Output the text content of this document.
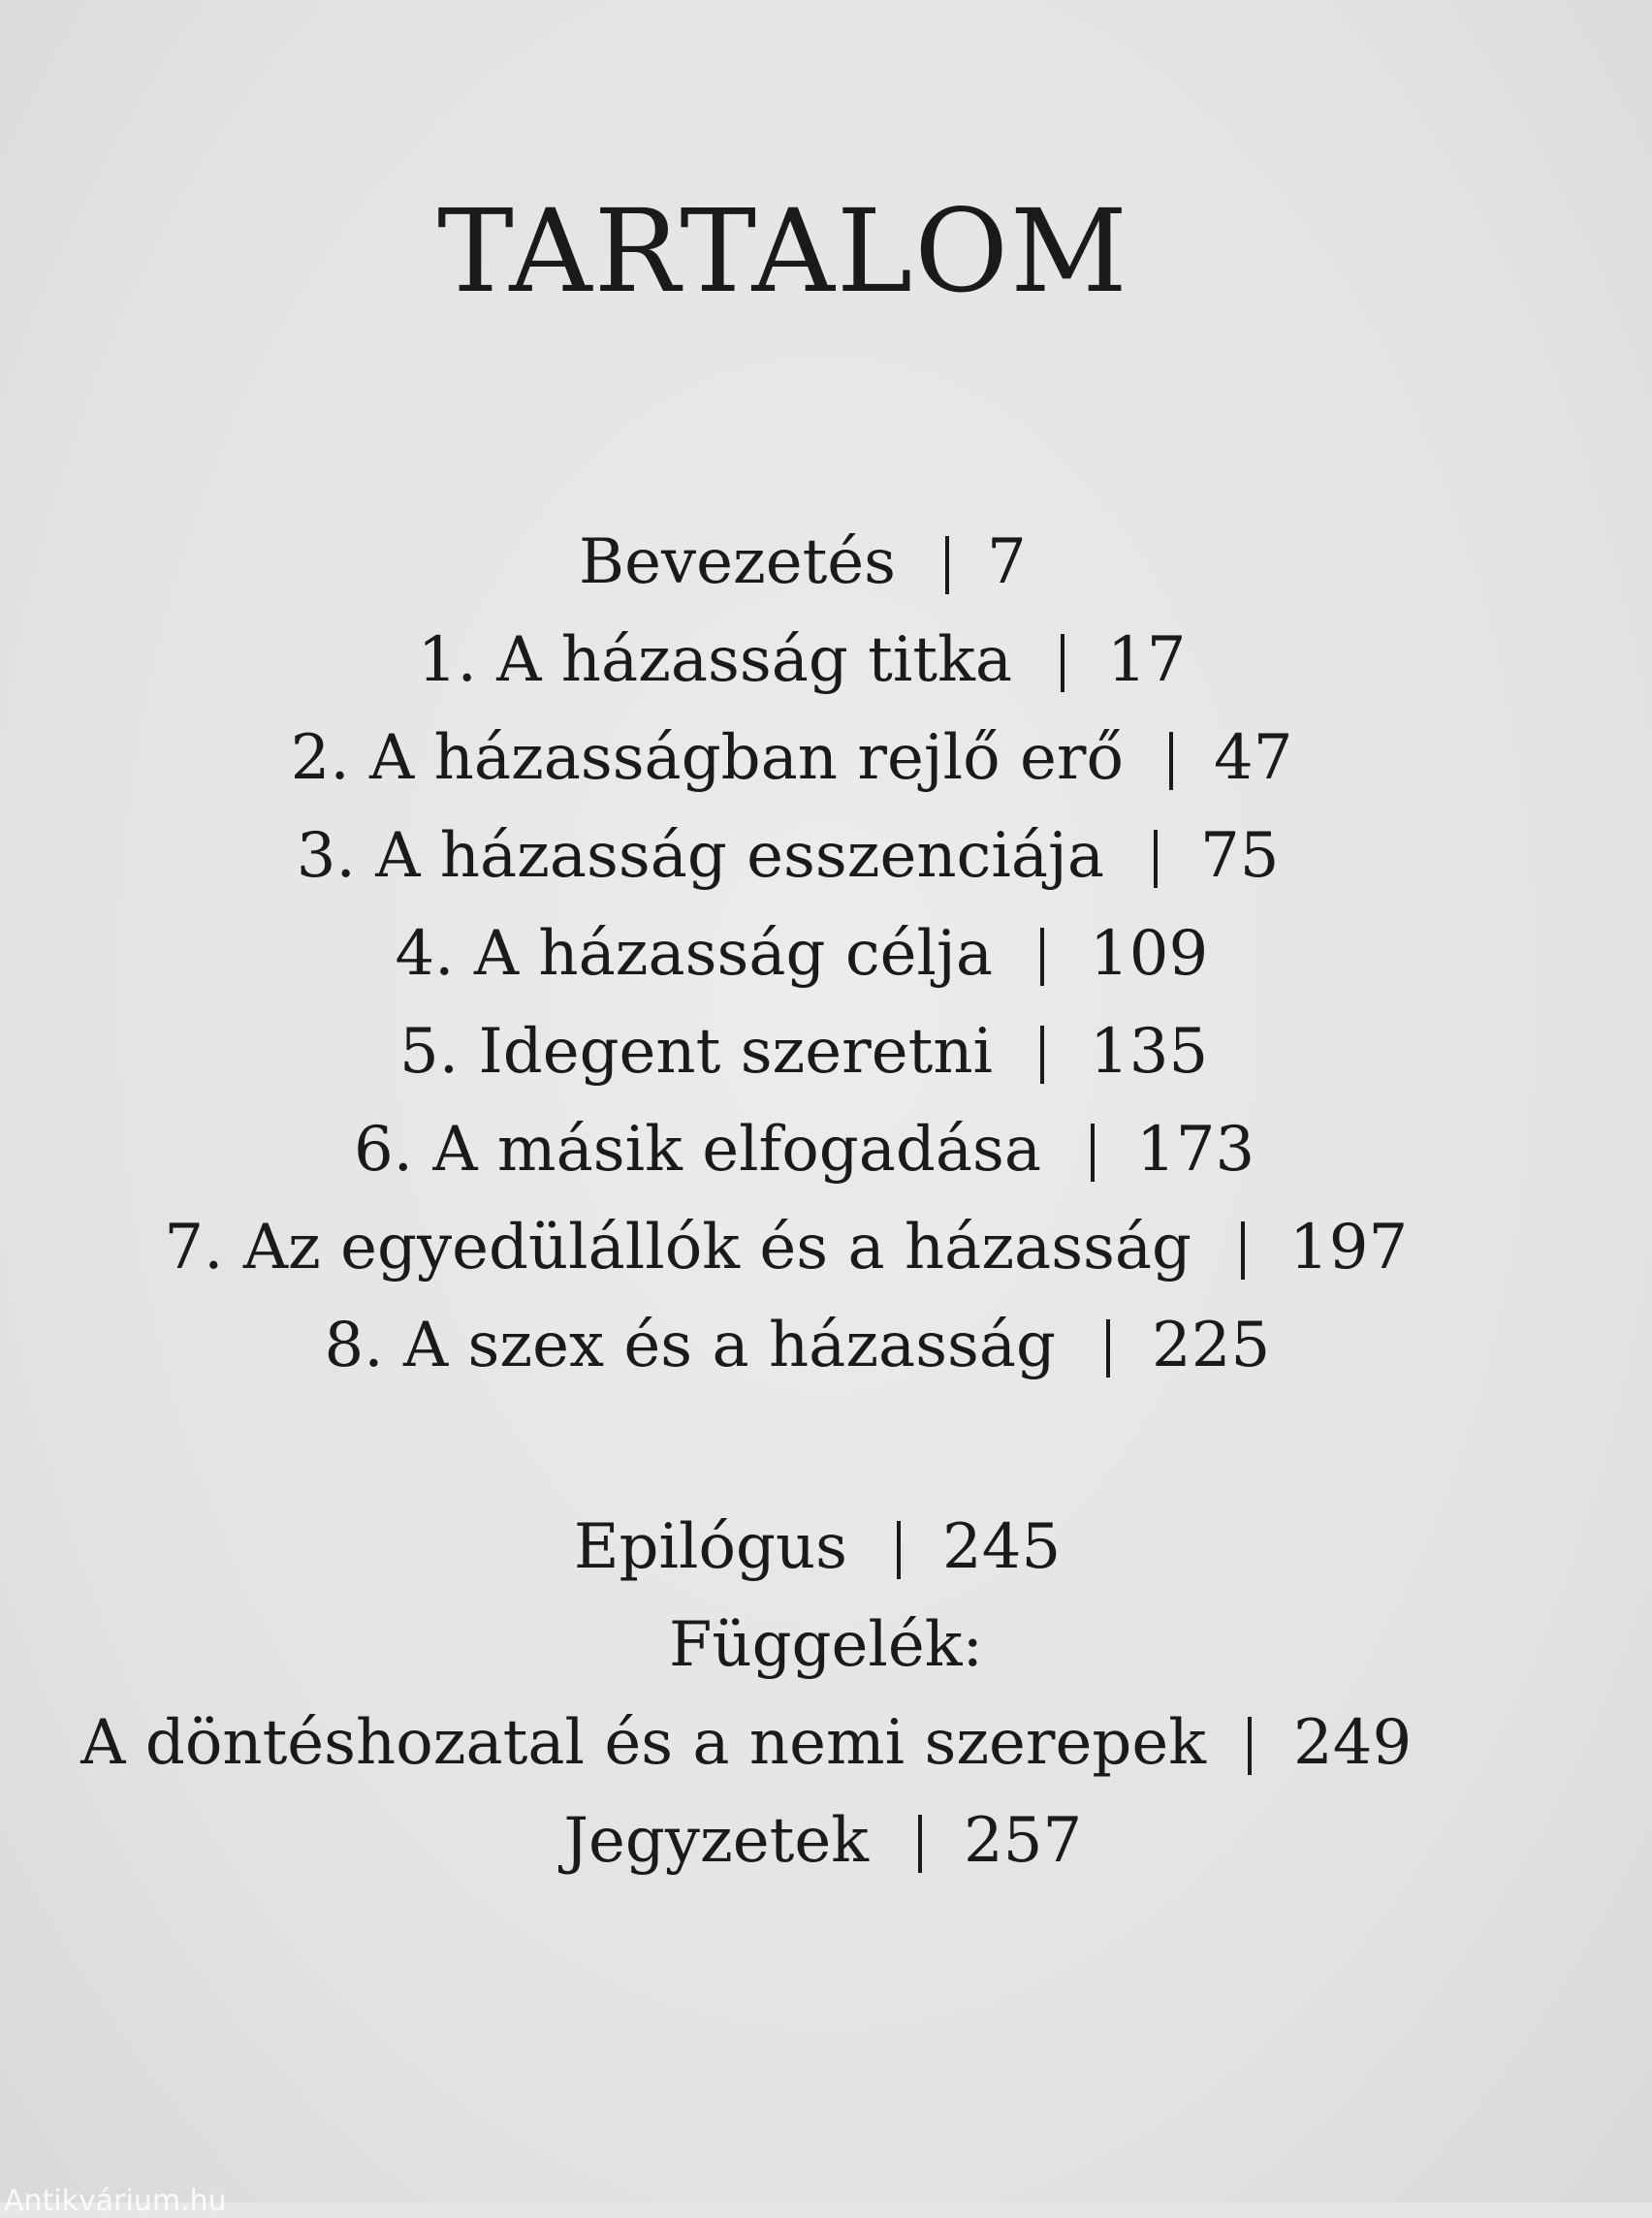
TARTALOM
Bevezetés 7
1. A házasság titka 17
2. A házasságban rejlő erő 47
3. A házasság esszenciája 75
4. A házasság célja 109
5. Idegent szeretni 135
6. A másik elfogadása 173
7. Az egyedülállók és a házasság 197
8. A szex és a házasság 225
Epilógus 245
Függelék:
A döntéshozatal és a nemi szerepek 249
Jegyzetek 257
Antikvárium.hu
